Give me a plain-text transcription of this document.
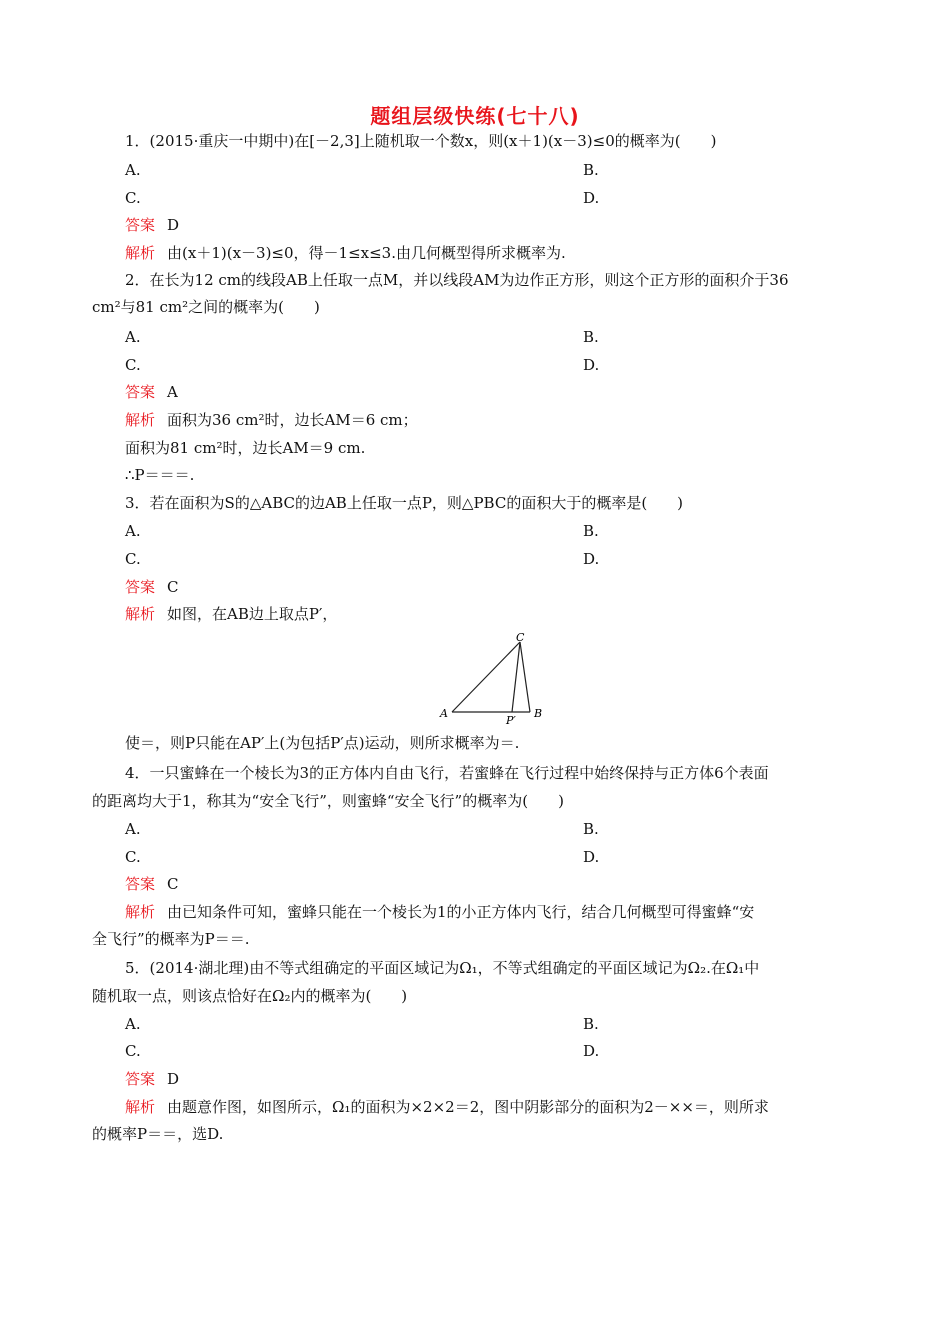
题组层级快练(七十八)
1．(2015·重庆一中期中)在[－2,3]上随机取一个数x，则(x＋1)(x－3)≤0的概率为(　　)
A.	B.
C.	D.
答案 D
解析 由(x＋1)(x－3)≤0，得－1≤x≤3.由几何概型得所求概率为.
2．在长为12 cm的线段AB上任取一点M，并以线段AM为边作正方形，则这个正方形的面积介于36
cm²与81 cm²之间的概率为(　　)
A.	B.
C.	D.
答案 A
解析 面积为36 cm²时，边长AM＝6 cm；
面积为81 cm²时，边长AM＝9 cm.
∴P＝＝＝.
3．若在面积为S的△ABC的边AB上任取一点P，则△PBC的面积大于的概率是(　　)
A.	B.
C.	D.
答案 C
解析 如图，在AB边上取点P′，
C
A
P′
B
使＝，则P只能在AP′上(为包括P′点)运动，则所求概率为＝.
4．一只蜜蜂在一个棱长为3的正方体内自由飞行，若蜜蜂在飞行过程中始终保持与正方体6个表面
的距离均大于1，称其为“安全飞行”，则蜜蜂“安全飞行”的概率为(　　)
A.	B.
C.	D.
答案 C
解析 由已知条件可知，蜜蜂只能在一个棱长为1的小正方体内飞行，结合几何概型可得蜜蜂“安
全飞行”的概率为P＝＝.
5．(2014·湖北理)由不等式组确定的平面区域记为Ω₁，不等式组确定的平面区域记为Ω₂.在Ω₁中
随机取一点，则该点恰好在Ω₂内的概率为(　　)
A.	B.
C.	D.
答案 D
解析 由题意作图，如图所示，Ω₁的面积为×2×2＝2，图中阴影部分的面积为2－××＝，则所求
的概率P＝＝，选D.
